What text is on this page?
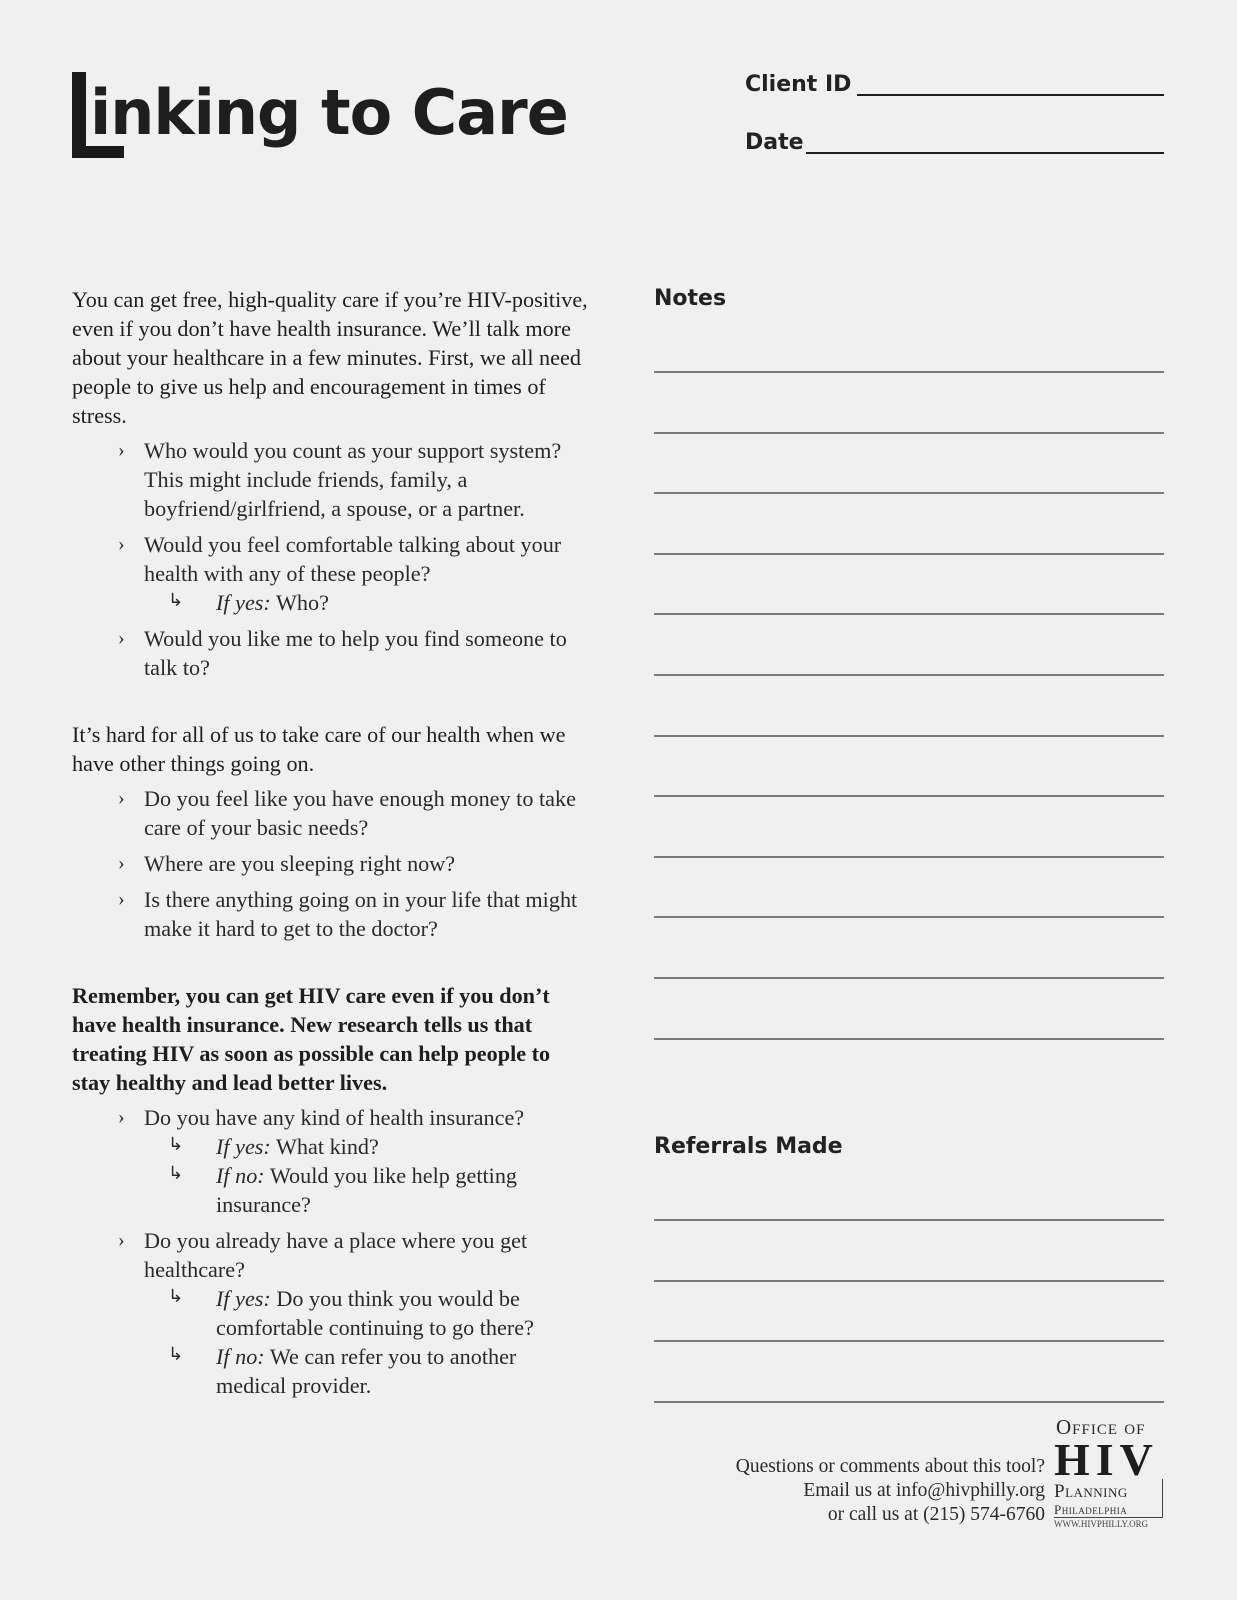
inking to Care	Client ID
Date

You can get free, high-quality care if you’re HIV-positive, even if you don’t have health insurance. We’ll talk more about your healthcare in a few minutes. First, we all need people to give us help and encouragement in times of stress.

› Who would you count as your support system? This might include friends, family, a boyfriend/girlfriend, a spouse, or a partner.
› Would you feel comfortable talking about your health with any of these people?
↳ If yes: Who?
› Would you like me to help you find someone to talk to?

It’s hard for all of us to take care of our health when we have other things going on.

› Do you feel like you have enough money to take care of your basic needs?
› Where are you sleeping right now?
› Is there anything going on in your life that might make it hard to get to the doctor?

Remember, you can get HIV care even if you don’t have health insurance. New research tells us that treating HIV as soon as possible can help people to stay healthy and lead better lives.

› Do you have any kind of health insurance?
↳ If yes: What kind?
↳ If no: Would you like help getting insurance?
› Do you already have a place where you get healthcare?
↳ If yes: Do you think you would be comfortable continuing to go there?
↳ If no: We can refer you to another medical provider.
Notes
Referrals Made
Questions or comments about this tool?
Email us at info@hivphilly.org
or call us at (215) 574-6760
Office of
HIV
Planning
Philadelphia
WWW.HIVPHILLY.ORG
